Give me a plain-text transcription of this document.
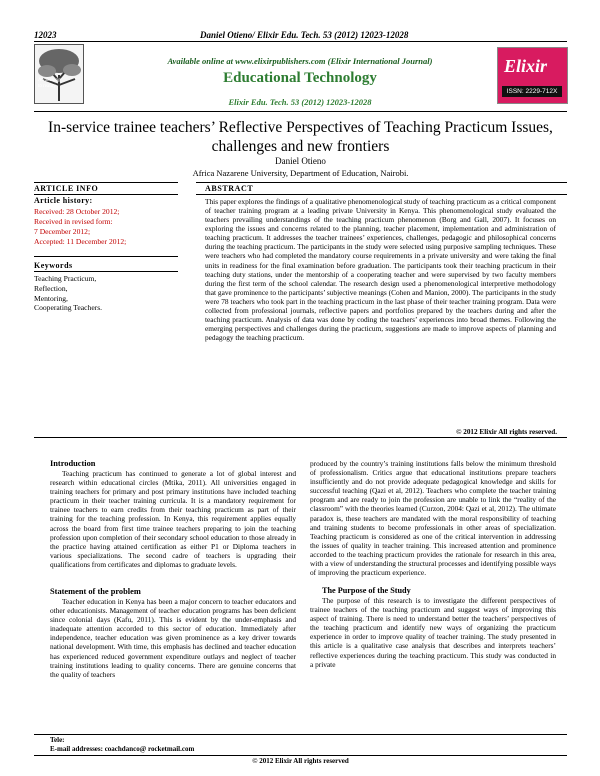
12023	Daniel Otieno/ Elixir Edu. Tech. 53 (2012) 12023-12028
Awakening
to reality
Available online at www.elixirpublishers.com (Elixir International Journal)
Educational Technology
Elixir Edu. Tech. 53 (2012) 12023-12028
Elixir
ISSN: 2229-712X
In-service trainee teachers’ Reflective Perspectives of Teaching Practicum Issues, challenges and new frontiers
Daniel Otieno
Africa Nazarene University, Department of Education, Nairobi.
ARTICLE INFO
Article history:
Received: 28 October 2012;
Received in revised form:
7 December 2012;
Accepted: 11 December 2012;
Keywords
Teaching Practicum,
Reflection,
Mentoring,
Cooperating Teachers.
ABSTRACT

This paper explores the findings of a qualitative phenomenological study of teaching practicum as a critical component of teacher training program at a leading private University in Kenya. This phenomenological study evaluated the teachers prevailing understandings of the teaching practicum phenomenon (Borg and Gall, 2007). It focuses on exploring the issues and concerns related to the planning, teacher placement, implementation and administration of teaching practicum. It addresses the teacher trainees’ experiences, challenges, pedagogic and philosophical concerns during the teaching practicum. The participants in the study were selected using purposive sampling techniques. These were teachers who had completed the mandatory course requirements in a private university and were taking the final units in readiness for the final examination before graduation. The participants took their teaching practicum in their teaching duty stations, under the mentorship of a cooperating teacher and were supervised by two faculty members during the first term of the school calendar. The research design used a phenomenological interpretive methodology that gave prominence to the participants’ subjective meanings (Cohen and Manion, 2000). The participants in the study were 78 teachers who took part in the teaching practicum in the last phase of their teacher training program. Data were collected from professional journals, reflective papers and portfolios prepared by the teachers during and after the teaching practicum. Analysis of data was done by coding the teachers’ experiences into broad themes. Following the emerging perspectives and challenges during the practicum, suggestions are made to improve aspects of planning and pedagogy the teaching practicum.

© 2012 Elixir All rights reserved.
Introduction

Teaching practicum has continued to generate a lot of global interest and research within educational circles (Mtika, 2011). All universities engaged in training teachers for primary and post primary institutions have included teaching practicum in their teacher training curricula. It is a mandatory requirement for trainee teachers to earn credits from their teaching practicum as part of their training for the teaching profession. In Kenya, this requirement applies equally across the board from first time trainee teachers preparing to join the teaching profession upon completion of their secondary school education to those already in the practice having attained certification as either P1 or Diploma teachers in various specializations. The second cadre of teachers is upgrading their qualifications from certificates and diplomas to graduate levels.

Statement of the problem

Teacher education in Kenya has been a major concern to teacher educators and other educationists. Management of teacher education programs has been deficient since colonial days (Kafu, 2011). This is evident by the under-emphasis and inadequate attention accorded to this sector of education. Immediately after independence, teacher education was given prominence as a key driver towards national development. With time, this emphasis has declined and teacher education has experienced reduced government expenditure outlays and neglect of teacher training institutions leading to quality concerns. There are genuine concerns that the quality of teachers

produced by the country’s training institutions falls below the minimum threshold of professionalism. Critics argue that educational institutions prepare teachers insufficiently and do not provide adequate pedagogical knowledge and skills for successful teaching (Qazi et al, 2012). Teachers who complete the teacher training program and are ready to join the profession are unable to link the “reality of the classroom” with the theories learned (Curzon, 2004: Qazi et al, 2012). The ultimate paradox is, these teachers are mandated with the moral responsibility of teaching and training students to become professionals in other areas of specialization. Teaching practicum is considered as one of the critical intervention in addressing the issues of quality in teacher training. This increased attention and prominence accorded to the teaching practicum provides the rationale for research in this area, with a view of understanding the structural processes and identifying possible ways of improving the practicum experience.

The Purpose of the Study

The purpose of this research is to investigate the different perspectives of trainee teachers of the teaching practicum and suggest ways of improving this aspect of training. There is need to understand better the teachers’ perspectives of the teaching practicum and identify new ways of organizing the practicum experience in order to improve quality of teacher training. The study presented in this article is a qualitative case analysis that describes and interprets teachers’ reflective experiences during the teaching practicum. This study was conducted in a private

Tele:
E-mail addresses: coachdanco@ rocketmail.com
© 2012 Elixir All rights reserved
